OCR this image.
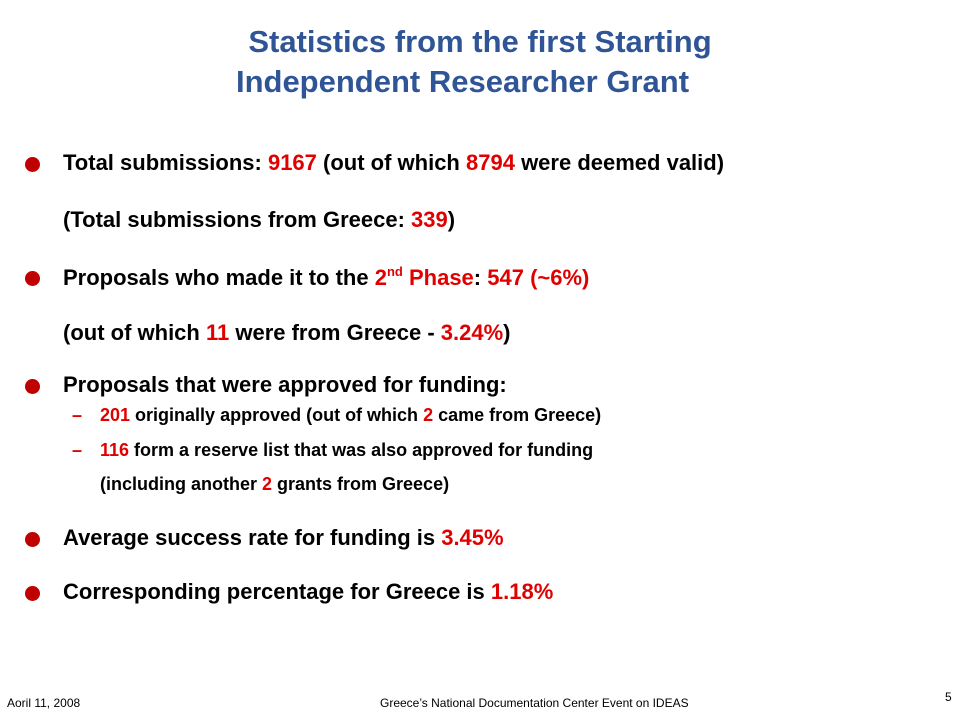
Statistics from the first Starting
Independent Researcher Grant
Total submissions: 9167 (out of which 8794 were deemed valid)
(Total submissions from Greece: 339)
Proposals who made it to the 2nd Phase: 547 (~6%)
(out of which 11 were from Greece - 3.24%)
Proposals that were approved for funding:
– 201 originally approved (out of which 2 came from Greece)
– 116 form a reserve list that was also approved for funding
(including another 2 grants from Greece)
Average success rate for funding is 3.45%
Corresponding percentage for Greece is 1.18%
Aoril 11, 2008	Greece’s National Documentation Center Event on IDEAS	5
